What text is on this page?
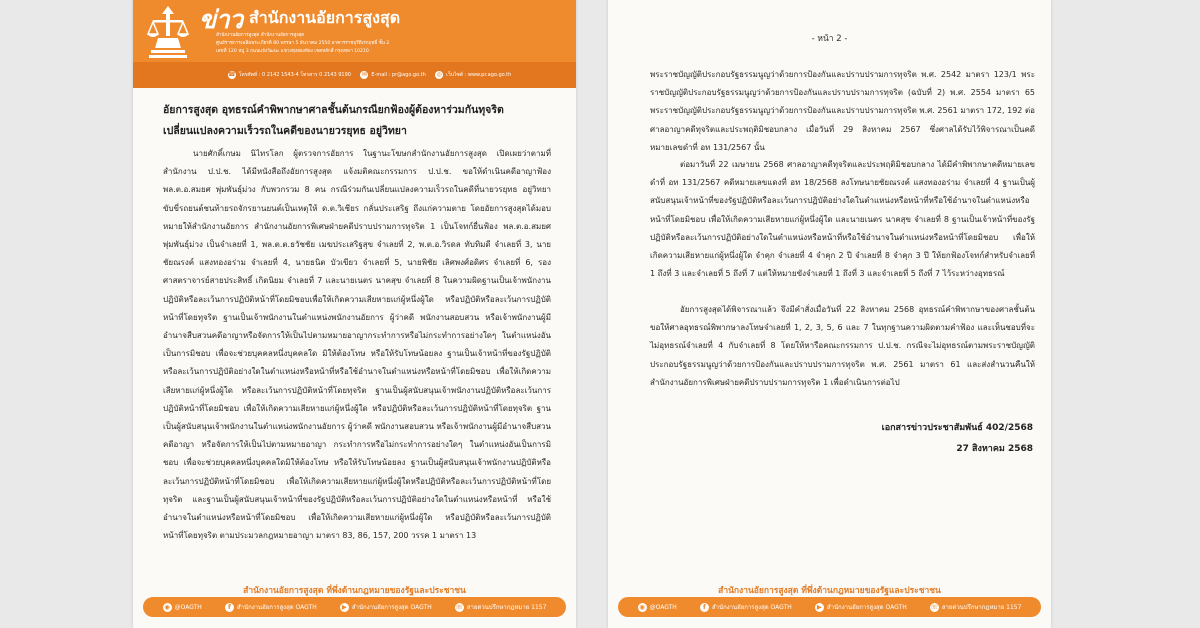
ข่าว สำนักงานอัยการสูงสุด
สำนักงานอัยการสูงสุด สำนักงานอัยการสูงสุด
ศูนย์ราชการเฉลิมพระเกียรติ 80 พรรษา 5 ธันวาคม 2550 อาคารราชบุรีดิเรกฤทธิ์ ชั้น 2
เลขที่ 120 หมู่ 3 ถนนแจ้งวัฒนะ แขวงทุ่งสองห้อง เขตหลักสี่ กรุงเทพฯ 10210
☎ โทรศัพท์ : 0 2142 1543-4 โทรสาร 0 2143 9190 ✉ E-mail : pr@ago.go.th ◎ เว็บไซต์ : www.pr.ago.go.th
อัยการสูงสุด อุทธรณ์คำพิพากษาศาลชั้นต้นกรณียกฟ้องผู้ต้องหาร่วมกันทุจริตเปลี่ยนแปลงความเร็วรถในคดีของนายวรยุทธ อยู่วิทยา
นายศักดิ์เกษม นิไทรโลก ผู้ตรวจการอัยการ ในฐานะโฆษกสำนักงานอัยการสูงสุด เปิดเผยว่าตามที่สำนักงาน ป.ป.ช. ได้มีหนังสือถึงอัยการสูงสุด แจ้งมติคณะกรรมการ ป.ป.ช. ขอให้ดำเนินคดีอาญาฟ้อง พล.ต.อ.สมยศ พุ่มพันธุ์ม่วง กับพวกรวม 8 คน กรณีร่วมกันเปลี่ยนแปลงความเร็วรถในคดีที่นายวรยุทธ อยู่วิทยา ขับขี่รถยนต์ชนท้ายรถจักรยานยนต์เป็นเหตุให้ ด.ต.วิเชียร กลั่นประเสริฐ ถึงแก่ความตาย โดยอัยการสูงสุดได้มอบหมายให้สำนักงานอัยการ สำนักงานอัยการพิเศษฝ่ายคดีปราบปรามการทุจริต 1 เป็นโจทก์ยื่นฟ้อง พล.ต.อ.สมยศ พุ่มพันธุ์ม่วง เป็นจำเลยที่ 1, พล.ต.ต.ธวัชชัย เมฆประเสริฐสุข จำเลยที่ 2, พ.ต.อ.วิรดล ทับทิมดี จำเลยที่ 3, นายชัยณรงค์ แสงทองอร่าม จำเลยที่ 4, นายธนิต บัวเขียว จำเลยที่ 5, นายพิชัย เลิศพงศ์อดิศร จำเลยที่ 6, รองศาสตราจารย์สายประสิทธิ์ เกิดนิยม จำเลยที่ 7 และนายเนตร นาคสุข จำเลยที่ 8 ในความผิดฐานเป็นเจ้าพนักงานปฏิบัติหรือละเว้นการปฏิบัติหน้าที่โดยมิชอบเพื่อให้เกิดความเสียหายแก่ผู้หนึ่งผู้ใด หรือปฏิบัติหรือละเว้นการปฏิบัติหน้าที่โดยทุจริต ฐานเป็นเจ้าพนักงานในตำแหน่งพนักงานอัยการ ผู้ว่าคดี พนักงานสอบสวน หรือเจ้าพนักงานผู้มีอำนาจสืบสวนคดีอาญาหรือจัดการให้เป็นไปตามหมายอาญากระทำการหรือไม่กระทำการอย่างใดๆ ในตำแหน่งอันเป็นการมิชอบ เพื่อจะช่วยบุคคลหนึ่งบุคคลใด มิให้ต้องโทษ หรือให้รับโทษน้อยลง ฐานเป็นเจ้าหน้าที่ของรัฐปฏิบัติหรือละเว้นการปฏิบัติอย่างใดในตำแหน่งหรือหน้าที่หรือใช้อำนาจในตำแหน่งหรือหน้าที่โดยมิชอบ เพื่อให้เกิดความเสียหายแก่ผู้หนึ่งผู้ใด หรือละเว้นการปฏิบัติหน้าที่โดยทุจริต ฐานเป็นผู้สนับสนุนเจ้าพนักงานปฏิบัติหรือละเว้นการปฏิบัติหน้าที่โดยมิชอบ เพื่อให้เกิดความเสียหายแก่ผู้หนึ่งผู้ใด หรือปฏิบัติหรือละเว้นการปฏิบัติหน้าที่โดยทุจริต ฐานเป็นผู้สนับสนุนเจ้าพนักงานในตำแหน่งพนักงานอัยการ ผู้ว่าคดี พนักงานสอบสวน หรือเจ้าพนักงานผู้มีอำนาจสืบสวนคดีอาญา หรือจัดการให้เป็นไปตามหมายอาญา กระทำการหรือไม่กระทำการอย่างใดๆ ในตำแหน่งอันเป็นการมิชอบ เพื่อจะช่วยบุคคลหนึ่งบุคคลใดมิให้ต้องโทษ หรือให้รับโทษน้อยลง ฐานเป็นผู้สนับสนุนเจ้าพนักงานปฏิบัติหรือละเว้นการปฏิบัติหน้าที่โดยมิชอบ เพื่อให้เกิดความเสียหายแก่ผู้หนึ่งผู้ใดหรือปฏิบัติหรือละเว้นการปฏิบัติหน้าที่โดยทุจริต และฐานเป็นผู้สนับสนุนเจ้าหน้าที่ของรัฐปฏิบัติหรือละเว้นการปฏิบัติอย่างใดในตำแหน่งหรือหน้าที่ หรือใช้อำนาจในตำแหน่งหรือหน้าที่โดยมิชอบ เพื่อให้เกิดความเสียหายแก่ผู้หนึ่งผู้ใด หรือปฏิบัติหรือละเว้นการปฏิบัติหน้าที่โดยทุจริต ตามประมวลกฎหมายอาญา มาตรา 83, 86, 157, 200 วรรค 1 มาตรา 13
สำนักงานอัยการสูงสุด ที่พึ่งด้านกฎหมายของรัฐและประชาชน
◉ @OAGTH	f	สำนักงานอัยการสูงสุด OAGTH	▶ สำนักงานอัยการสูงสุด OAGTH	☏ สายด่วนปรึกษากฎหมาย 1157
- หน้า 2 -
พระราชบัญญัติประกอบรัฐธรรมนูญว่าด้วยการป้องกันและปราบปรามการทุจริต พ.ศ. 2542 มาตรา 123/1 พระราชบัญญัติประกอบรัฐธรรมนูญว่าด้วยการป้องกันและปราบปรามการทุจริต (ฉบับที่ 2) พ.ศ. 2554 มาตรา 65 พระราชบัญญัติประกอบรัฐธรรมนูญว่าด้วยการป้องกันและปราบปรามการทุจริต พ.ศ. 2561 มาตรา 172, 192 ต่อศาลอาญาคดีทุจริตและประพฤติมิชอบกลาง เมื่อวันที่ 29 สิงหาคม 2567 ซึ่งศาลได้รับไว้พิจารณาเป็นคดีหมายเลขดำที่ อท 131/2567 นั้น
ต่อมาวันที่ 22 เมษายน 2568 ศาลอาญาคดีทุจริตและประพฤติมิชอบกลาง ได้มีคำพิพากษาคดีหมายเลขดำที่ อท 131/2567 คดีหมายเลขแดงที่ อท 18/2568 ลงโทษนายชัยณรงค์ แสงทองอร่าม จำเลยที่ 4 ฐานเป็นผู้สนับสนุนเจ้าหน้าที่ของรัฐปฏิบัติหรือละเว้นการปฏิบัติอย่างใดในตำแหน่งหรือหน้าที่หรือใช้อำนาจในตำแหน่งหรือหน้าที่โดยมิชอบ เพื่อให้เกิดความเสียหายแก่ผู้หนึ่งผู้ใด และนายเนตร นาคสุข จำเลยที่ 8 ฐานเป็นเจ้าหน้าที่ของรัฐปฏิบัติหรือละเว้นการปฏิบัติอย่างใดในตำแหน่งหรือหน้าที่หรือใช้อำนาจในตำแหน่งหรือหน้าที่โดยมิชอบ เพื่อให้เกิดความเสียหายแก่ผู้หนึ่งผู้ใด จำคุก จำเลยที่ 4 จำคุก 2 ปี จำเลยที่ 8 จำคุก 3 ปี ให้ยกฟ้องโจทก์สำหรับจำเลยที่ 1 ถึงที่ 3 และจำเลยที่ 5 ถึงที่ 7 แต่ให้หมายขังจำเลยที่ 1 ถึงที่ 3 และจำเลยที่ 5 ถึงที่ 7 ไว้ระหว่างอุทธรณ์
อัยการสูงสุดได้พิจารณาแล้ว จึงมีคำสั่งเมื่อวันที่ 22 สิงหาคม 2568 อุทธรณ์คำพิพากษาของศาลชั้นต้น ขอให้ศาลอุทธรณ์พิพากษาลงโทษจำเลยที่ 1, 2, 3, 5, 6 และ 7 ในทุกฐานความผิดตามคำฟ้อง และเห็นชอบที่จะไม่อุทธรณ์จำเลยที่ 4 กับจำเลยที่ 8 โดยให้หารือคณะกรรมการ ป.ป.ช. กรณีจะไม่อุทธรณ์ตามพระราชบัญญัติประกอบรัฐธรรมนูญว่าด้วยการป้องกันและปราบปรามการทุจริต พ.ศ. 2561 มาตรา 61 และส่งสำนวนคืนให้สำนักงานอัยการพิเศษฝ่ายคดีปราบปรามการทุจริต 1 เพื่อดำเนินการต่อไป
เอกสารข่าวประชาสัมพันธ์ 402/2568
27 สิงหาคม 2568
สำนักงานอัยการสูงสุด ที่พึ่งด้านกฎหมายของรัฐและประชาชน
◉ @OAGTH	f	สำนักงานอัยการสูงสุด OAGTH	▶ สำนักงานอัยการสูงสุด OAGTH	☏ สายด่วนปรึกษากฎหมาย 1157
